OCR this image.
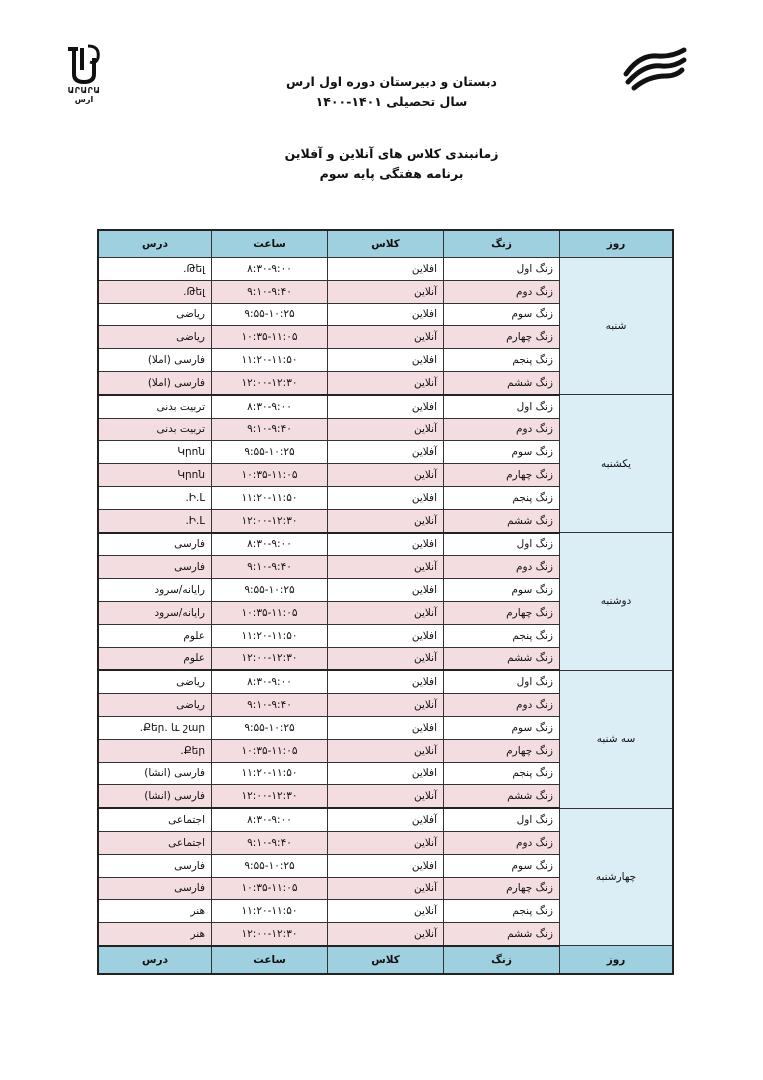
ԱՐԱՐԱ
ارس
دبستان و دبیرستان دوره اول ارس
سال تحصیلی ۱۴۰۱-۱۴۰۰
زمانبندی کلاس های آنلاین و آفلاین
برنامه هفتگی پایه سوم
روز	زنگ	کلاس	ساعت	درس
شنبه	زنگ اول	افلاین	۸:۳۰-۹:۰۰	Թել.
	زنگ دوم	آنلاین	۹:۱۰-۹:۴۰	Թել.
	زنگ سوم	افلاین	۹:۵۵-۱۰:۲۵	ریاضی
	زنگ چهارم	آنلاین	۱۰:۳۵-۱۱:۰۵	ریاضی
	زنگ پنجم	افلاین	۱۱:۲۰-۱۱:۵۰	فارسی (املا)
	زنگ ششم	آنلاین	۱۲:۰۰-۱۲:۳۰	فارسی (املا)
یکشنبه	زنگ اول	افلاین	۸:۳۰-۹:۰۰	تربیت بدنی
	زنگ دوم	آنلاین	۹:۱۰-۹:۴۰	تربیت بدنی
	زنگ سوم	آفلاین	۹:۵۵-۱۰:۲۵	Կրոն
	زنگ چهارم	آنلاین	۱۰:۳۵-۱۱:۰۵	Կրոն
	زنگ پنجم	افلاین	۱۱:۲۰-۱۱:۵۰	Ի.Լ.
	زنگ ششم	آنلاین	۱۲:۰۰-۱۲:۳۰	Ի.Լ.
دوشنبه	زنگ اول	افلاین	۸:۳۰-۹:۰۰	فارسی
	زنگ دوم	آنلاین	۹:۱۰-۹:۴۰	فارسی
	زنگ سوم	افلاین	۹:۵۵-۱۰:۲۵	رایانه/سرود
	زنگ چهارم	آنلاین	۱۰:۳۵-۱۱:۰۵	رایانه/سرود
	زنگ پنجم	افلاین	۱۱:۲۰-۱۱:۵۰	علوم
	زنگ ششم	آنلاین	۱۲:۰۰-۱۲:۳۰	علوم
سه شنبه	زنگ اول	افلاین	۸:۳۰-۹:۰۰	ریاضی
	زنگ دوم	آنلاین	۹:۱۰-۹:۴۰	ریاضی
	زنگ سوم	افلاین	۹:۵۵-۱۰:۲۵	Քեր. և շար.
	زنگ چهارم	آنلاین	۱۰:۳۵-۱۱:۰۵	Քեր.
	زنگ پنجم	افلاین	۱۱:۲۰-۱۱:۵۰	فارسی (انشا)
	زنگ ششم	آنلاین	۱۲:۰۰-۱۲:۳۰	فارسی (انشا)
چهارشنبه	زنگ اول	آفلاین	۸:۳۰-۹:۰۰	اجتماعی
	زنگ دوم	آنلاین	۹:۱۰-۹:۴۰	اجتماعی
	زنگ سوم	افلاین	۹:۵۵-۱۰:۲۵	فارسی
	زنگ چهارم	آنلاین	۱۰:۳۵-۱۱:۰۵	فارسی
	زنگ پنجم	آنلاین	۱۱:۲۰-۱۱:۵۰	هنر
	زنگ ششم	آنلاین	۱۲:۰۰-۱۲:۳۰	هنر
روز	زنگ	کلاس	ساعت	درس
